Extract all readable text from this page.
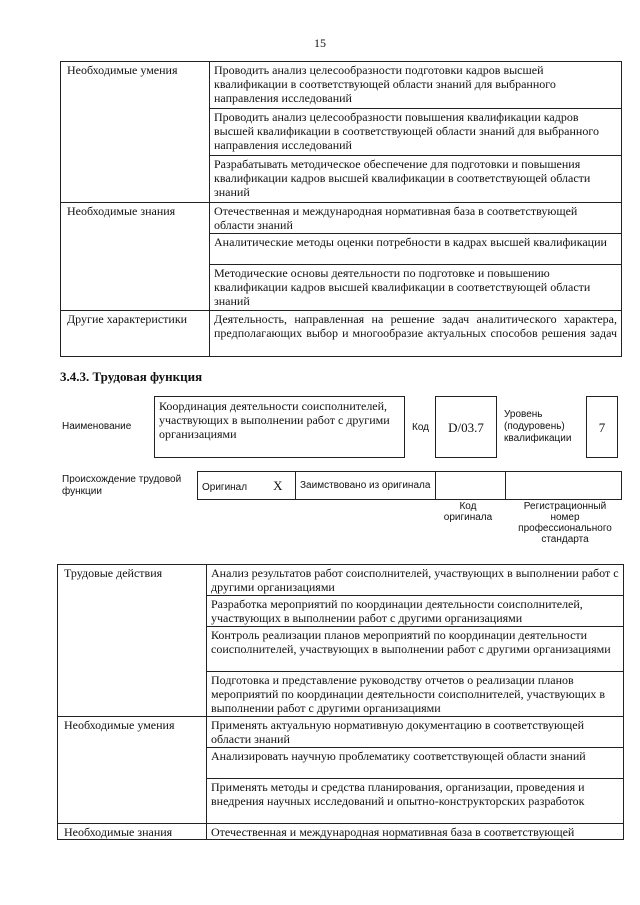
15
Необходимые умения	Проводить анализ целесообразности подготовки кадров высшей квалификации в соответствующей области знаний для выбранного направления исследований
	Проводить анализ целесообразности повышения квалификации кадров высшей квалификации в соответствующей области знаний для выбранного направления исследований
	Разрабатывать методическое обеспечение для подготовки и повышения квалификации кадров высшей квалификации в соответствующей области знаний
Необходимые знания	Отечественная и международная нормативная база в соответствующей области знаний
	Аналитические методы оценки потребности в кадрах высшей квалификации
	Методические основы деятельности по подготовке и повышению квалификации кадров высшей квалификации в соответствующей области знаний
Другие характеристики	Деятельность, направленная на решение задач аналитического характера, предполагающих выбор и многообразие актуальных способов решения задач
3.4.3. Трудовая функция
Наименование
Координация деятельности соисполнителей, участвующих в выполнении работ с другими организациями	Код	D/03.7
Уровень
(подуровень)
квалификации
7
Происхождение трудовой
функции	Оригинал X	Заимствовано из оригинала		
Код
оригинала
Регистрационный
номер
профессионального
стандарта
Трудовые действия	Анализ результатов работ соисполнителей, участвующих в выполнении работ с другими организациями
	Разработка мероприятий по координации деятельности соисполнителей, участвующих в выполнении работ с другими организациями
	Контроль реализации планов мероприятий по координации деятельности соисполнителей, участвующих в выполнении работ с другими организациями
	Подготовка и представление руководству отчетов о реализации планов мероприятий по координации деятельности соисполнителей, участвующих в выполнении работ с другими организациями
Необходимые умения	Применять актуальную нормативную документацию в соответствующей области знаний
	Анализировать научную проблематику соответствующей области знаний
	Применять методы и средства планирования, организации, проведения и внедрения научных исследований и опытно-конструкторских разработок
Необходимые знания	Отечественная и международная нормативная база в соответствующей
